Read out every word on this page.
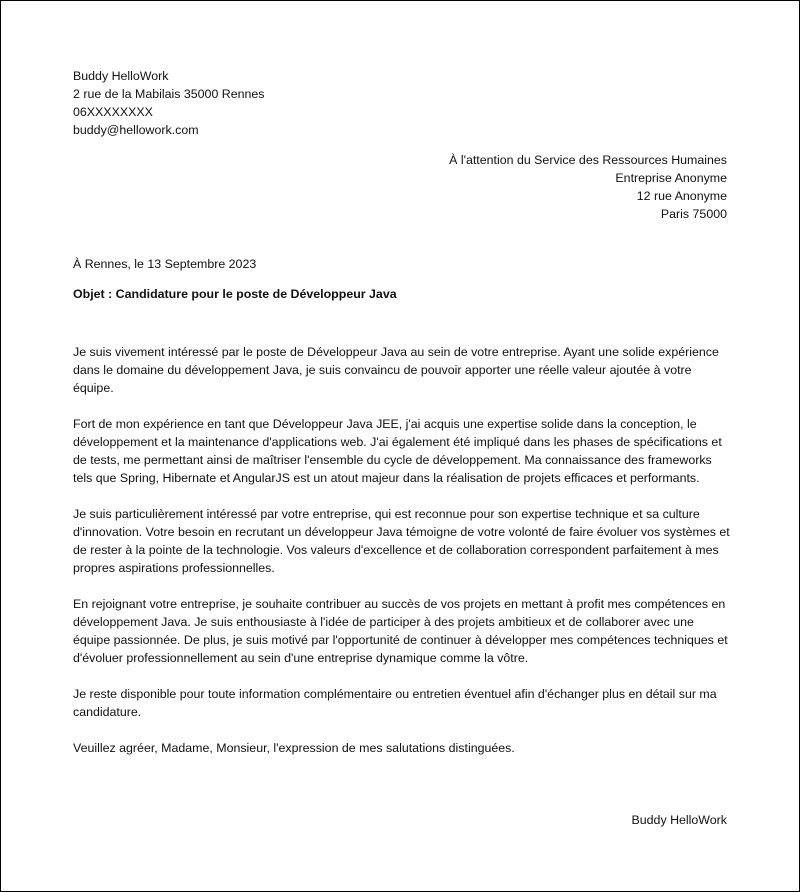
Buddy HelloWork
2 rue de la Mabilais 35000 Rennes
06XXXXXXXX
buddy@hellowork.com
À l'attention du Service des Ressources Humaines
Entreprise Anonyme
12 rue Anonyme
Paris 75000
À Rennes, le 13 Septembre 2023
Objet : Candidature pour le poste de Développeur Java

Je suis vivement intéressé par le poste de Développeur Java au sein de votre entreprise. Ayant une solide expérience dans le domaine du développement Java, je suis convaincu de pouvoir apporter une réelle valeur ajoutée à votre équipe.

Fort de mon expérience en tant que Développeur Java JEE, j'ai acquis une expertise solide dans la conception, le développement et la maintenance d'applications web. J'ai également été impliqué dans les phases de spécifications et de tests, me permettant ainsi de maîtriser l'ensemble du cycle de développement. Ma connaissance des frameworks tels que Spring, Hibernate et AngularJS est un atout majeur dans la réalisation de projets efficaces et performants.

Je suis particulièrement intéressé par votre entreprise, qui est reconnue pour son expertise technique et sa culture d'innovation. Votre besoin en recrutant un développeur Java témoigne de votre volonté de faire évoluer vos systèmes et de rester à la pointe de la technologie. Vos valeurs d'excellence et de collaboration correspondent parfaitement à mes propres aspirations professionnelles.

En rejoignant votre entreprise, je souhaite contribuer au succès de vos projets en mettant à profit mes compétences en développement Java. Je suis enthousiaste à l'idée de participer à des projets ambitieux et de collaborer avec une équipe passionnée. De plus, je suis motivé par l'opportunité de continuer à développer mes compétences techniques et d'évoluer professionnellement au sein d'une entreprise dynamique comme la vôtre.

Je reste disponible pour toute information complémentaire ou entretien éventuel afin d'échanger plus en détail sur ma candidature.

Veuillez agréer, Madame, Monsieur, l'expression de mes salutations distinguées.

Buddy HelloWork
